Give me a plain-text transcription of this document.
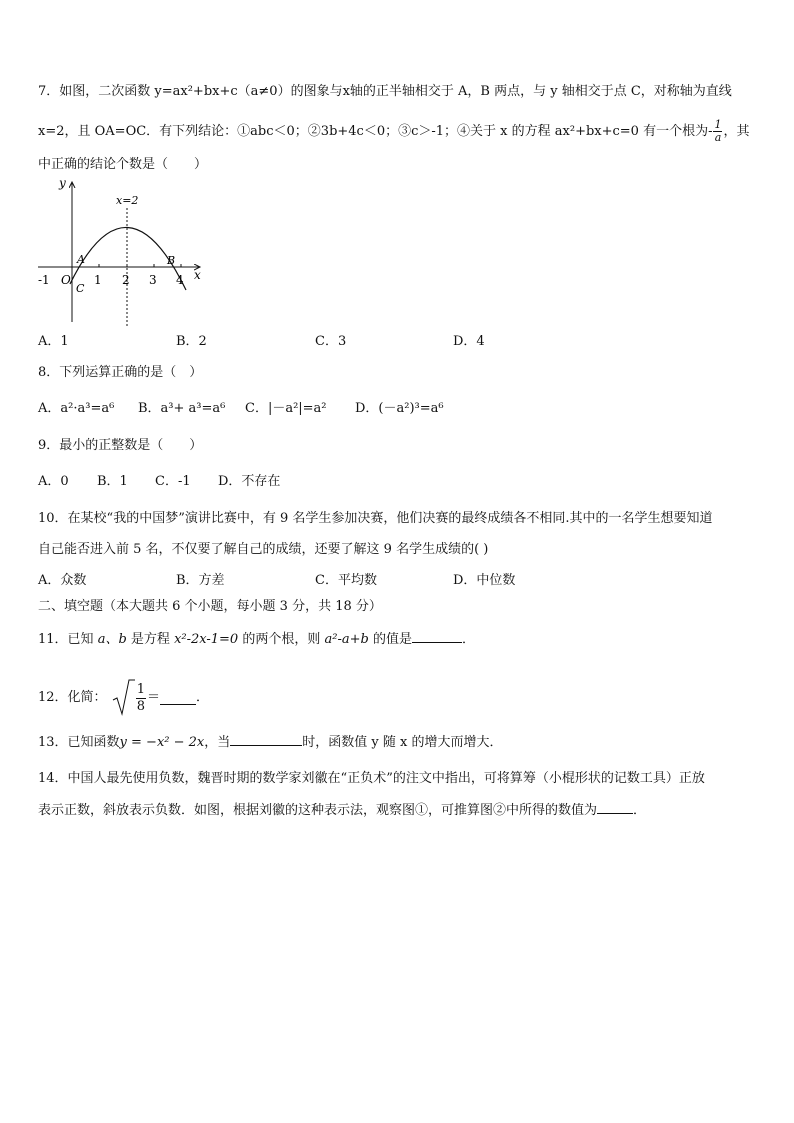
7．如图，二次函数 y=ax²+bx+c（a≠0）的图象与x轴的正半轴相交于 A，B 两点，与 y 轴相交于点 C，对称轴为直线
x=2，且 OA=OC．有下列结论：①abc＜0；②3b+4c＜0；③c＞-1；④关于 x 的方程 ax²+bx+c=0 有一个根为- $\frac{1}{a}$ ，其
中正确的结论个数是（　　）
y
x
x=2
-1 O 1 2 3 4
A	B
C
A．1	B．2	C．3	D．4
8．下列运算正确的是（　）
A．a²·a³=a⁶ B．a³+ a³=a⁶ C．|－a²|=a² D．(－a²)³=a⁶
9．最小的正整数是（　　）
A．0 B．1 C．-1 D．不存在
10．在某校“我的中国梦”演讲比赛中，有 9 名学生参加决赛，他们决赛的最终成绩各不相同.其中的一名学生想要知道
自己能否进入前 5 名，不仅要了解自己的成绩，还要了解这 9 名学生成绩的( )
A．众数	B．方差	C．平均数	D．中位数
二、填空题（本大题共 6 个小题，每小题 3 分，共 18 分）
11．已知 a、b 是方程 x²-2x-1=0 的两个根，则 a²-a+b 的值是	．
12．化简： $\frac{1}{8}$ ＝	．
13．已知函数y = −x² − 2x，当	时，函数值 y 随 x 的增大而增大．
14．中国人最先使用负数，魏晋时期的数学家刘徽在“正负术”的注文中指出，可将算筹（小棍形状的记数工具）正放
表示正数，斜放表示负数．如图，根据刘徽的这种表示法，观察图①，可推算图②中所得的数值为	．
